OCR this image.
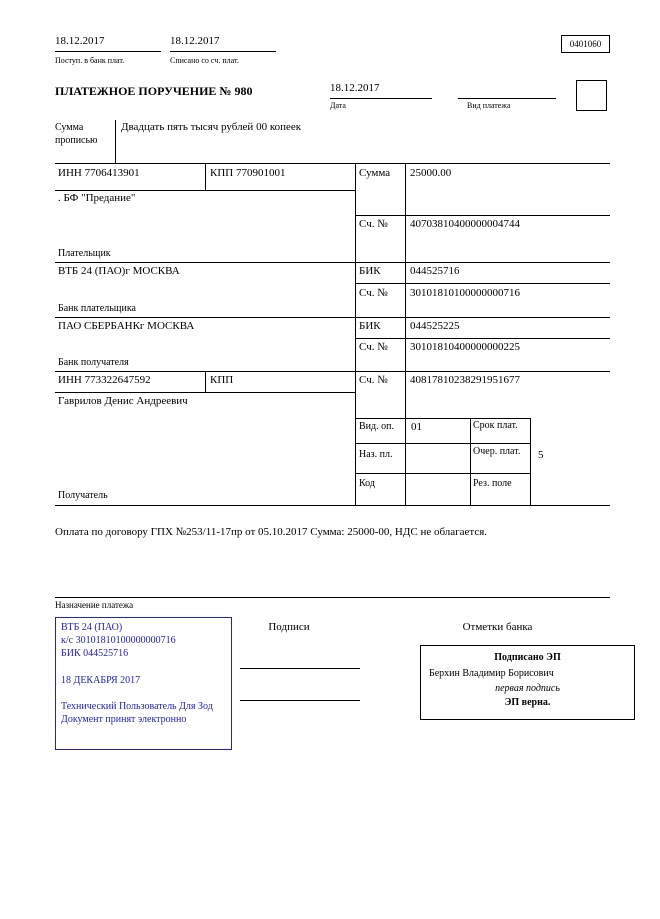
18.12.2017
Поступ. в банк плат.
18.12.2017
Списано со сч. плат.
0401060
ПЛАТЕЖНОЕ ПОРУЧЕНИЕ № 980	18.12.2017
Дата	Вид платежа
Сумма прописью
Двадцать пять тысяч рублей 00 копеек
ИНН 7706413901	КПП 770901001	Сумма 25000.00
. БФ "Предание"
Сч. № 40703810400000004744
Плательщик
ВТБ 24 (ПАО)г МОСКВА	БИК	044525716
Сч. № 30101810100000000716
Банк плательщика
ПАО СБЕРБАНКг МОСКВА	БИК	044525225
Сч. № 30101810400000000225
Банк получателя
ИНН 773322647592	КПП	Сч. № 40817810238291951677
Гаврилов Денис Андреевич
Вид. оп. 01	Срок плат.
Наз. пл.	Очер. плат.	5
Код	Рез. поле
Получатель
Оплата по договору ГПХ №253/11-17пр от 05.10.2017 Сумма: 25000-00, НДС не облагается.
Назначение платежа
ВТБ 24 (ПАО)
к/с 30101810100000000716
БИК 044525716
18 ДЕКАБРЯ 2017
Технический Пользователь Для Зод
Документ принят электронно
Подписи	Отметки банка
Подписано ЭП
Берхин Владимир Борисович
первая подпись
ЭП верна.
